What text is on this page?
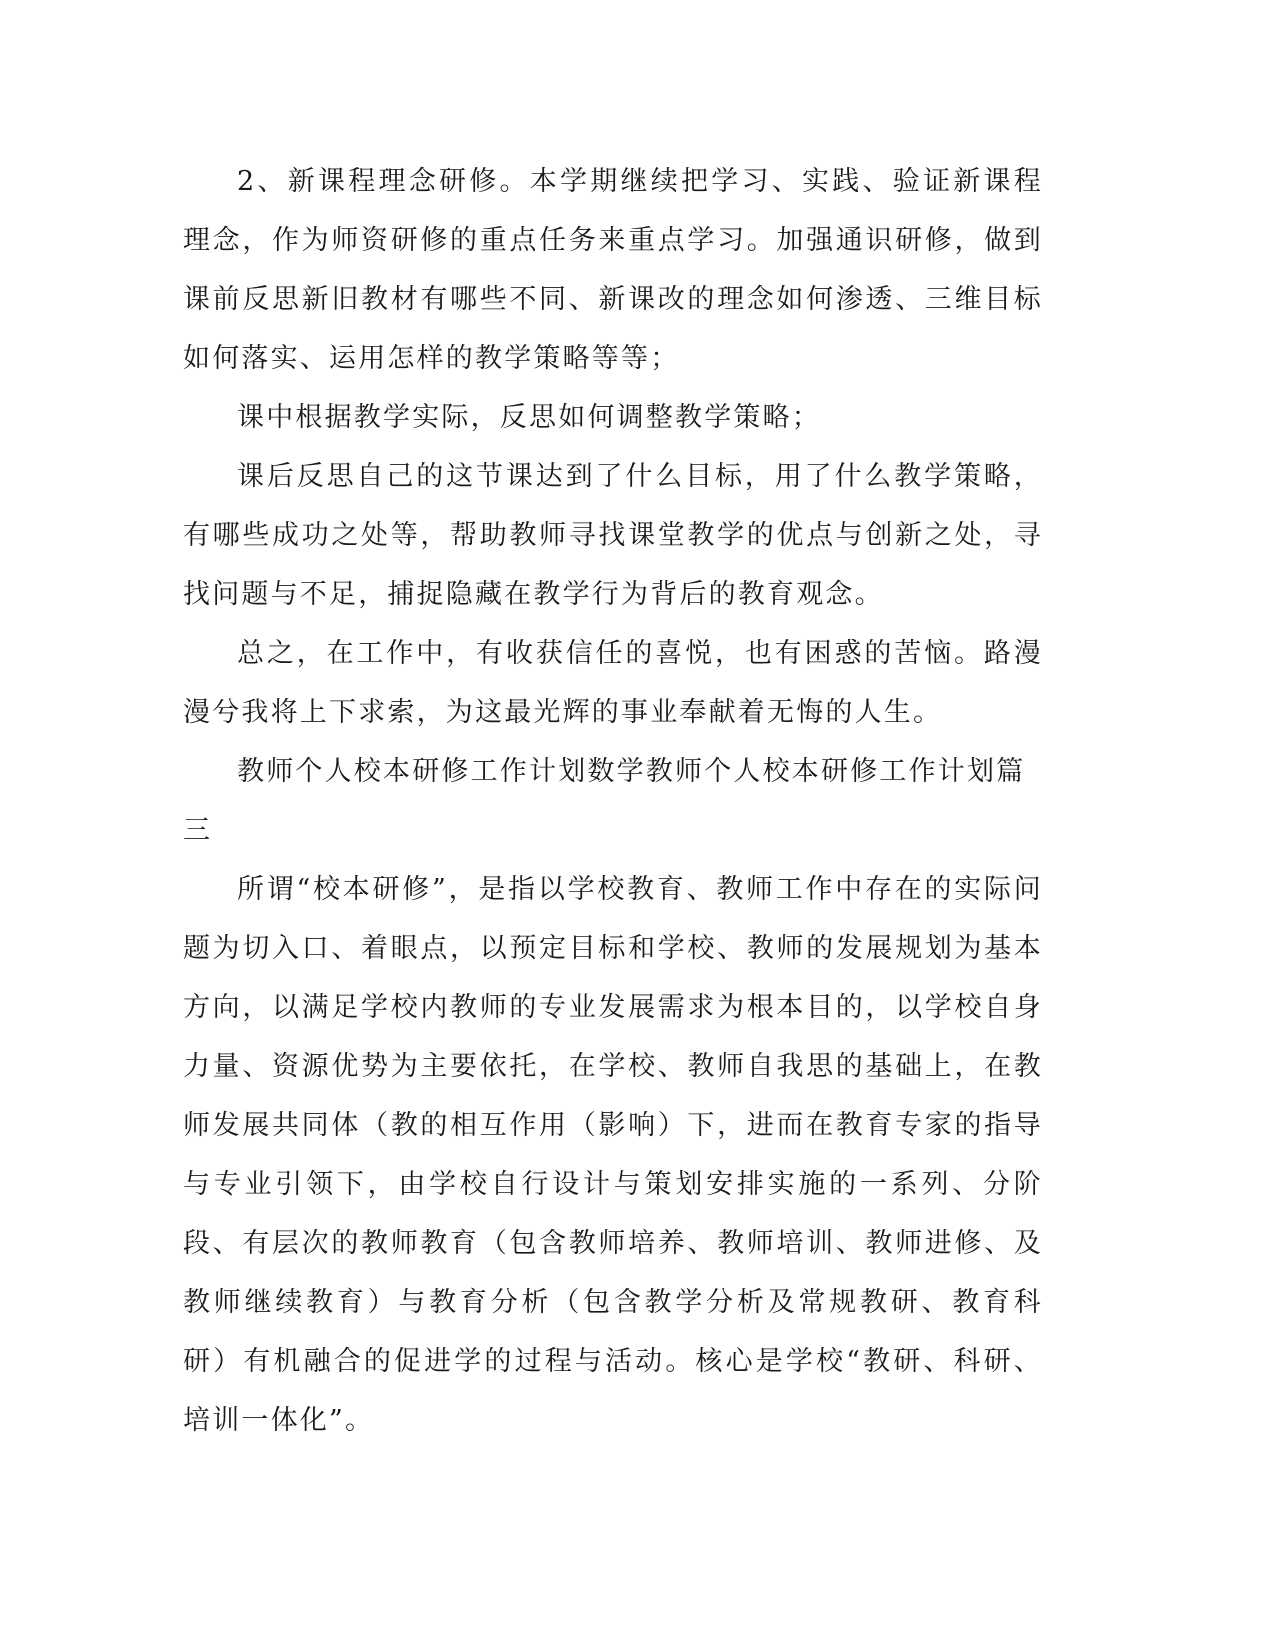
2、新课程理念研修。本学期继续把学习、实践、验证新课程理念，作为师资研修的重点任务来重点学习。加强通识研修，做到课前反思新旧教材有哪些不同、新课改的理念如何渗透、三维目标如何落实、运用怎样的教学策略等等；

课中根据教学实际，反思如何调整教学策略；

课后反思自己的这节课达到了什么目标，用了什么教学策略，有哪些成功之处等，帮助教师寻找课堂教学的优点与创新之处，寻找问题与不足，捕捉隐藏在教学行为背后的教育观念。

总之，在工作中，有收获信任的喜悦，也有困惑的苦恼。路漫漫兮我将上下求索，为这最光辉的事业奉献着无悔的人生。

教师个人校本研修工作计划数学教师个人校本研修工作计划篇三

所谓“校本研修”，是指以学校教育、教师工作中存在的实际问题为切入口、着眼点，以预定目标和学校、教师的发展规划为基本方向，以满足学校内教师的专业发展需求为根本目的，以学校自身力量、资源优势为主要依托，在学校、教师自我思的基础上，在教师发展共同体（教的相互作用（影响）下，进而在教育专家的指导与专业引领下，由学校自行设计与策划安排实施的一系列、分阶段、有层次的教师教育（包含教师培养、教师培训、教师进修、及教师继续教育）与教育分析（包含教学分析及常规教研、教育科研）有机融合的促进学的过程与活动。核心是学校“教研、科研、培训一体化”。
